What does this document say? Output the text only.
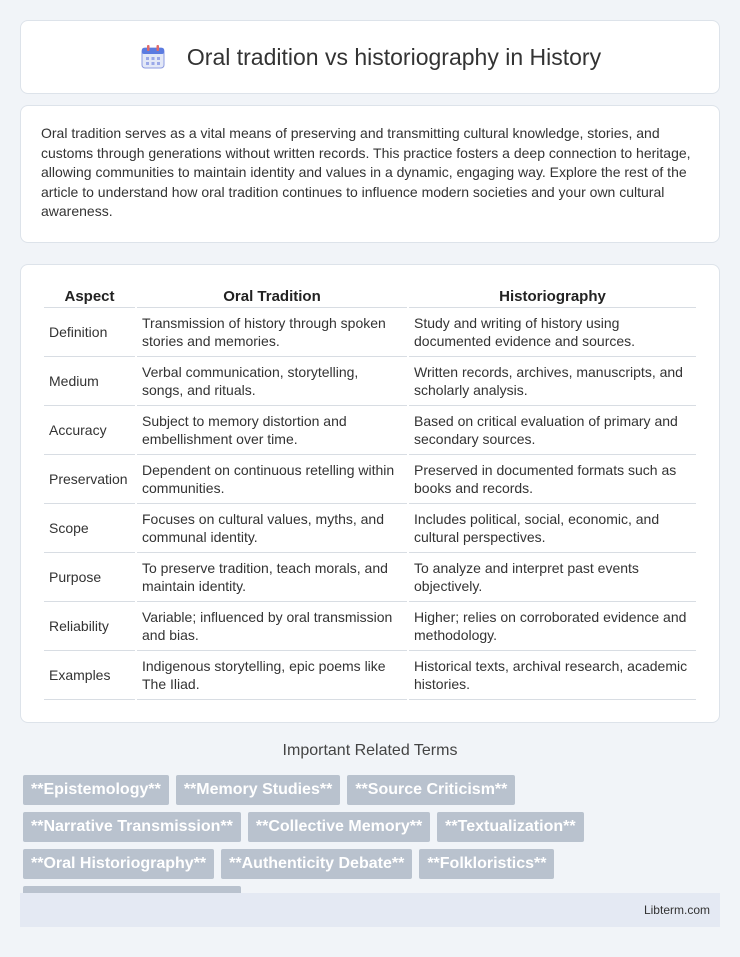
Oral tradition vs historiography in History

Oral tradition serves as a vital means of preserving and transmitting cultural knowledge, stories, and customs through generations without written records. This practice fosters a deep connection to heritage, allowing communities to maintain identity and values in a dynamic, engaging way. Explore the rest of the article to understand how oral tradition continues to influence modern societies and your own cultural awareness.

Aspect	Oral Tradition	Historiography
Definition	Transmission of history through spoken stories and memories.	Study and writing of history using documented evidence and sources.
Medium	Verbal communication, storytelling, songs, and rituals.	Written records, archives, manuscripts, and scholarly analysis.
Accuracy	Subject to memory distortion and embellishment over time.	Based on critical evaluation of primary and secondary sources.
Preservation	Dependent on continuous retelling within communities.	Preserved in documented formats such as books and records.
Scope	Focuses on cultural values, myths, and communal identity.	Includes political, social, economic, and cultural perspectives.
Purpose	To preserve tradition, teach morals, and maintain identity.	To analyze and interpret past events objectively.
Reliability	Variable; influenced by oral transmission and bias.	Higher; relies on corroborated evidence and methodology.
Examples	Indigenous storytelling, epic poems like The Iliad.	Historical texts, archival research, academic histories.
Important Related Terms
**Epistemology**	**Memory Studies**	**Source Criticism**
**Narrative Transmission**	**Collective Memory**	**Textualization**
**Oral Historiography**	**Authenticity Debate**	**Folkloristics**
Libterm.com
